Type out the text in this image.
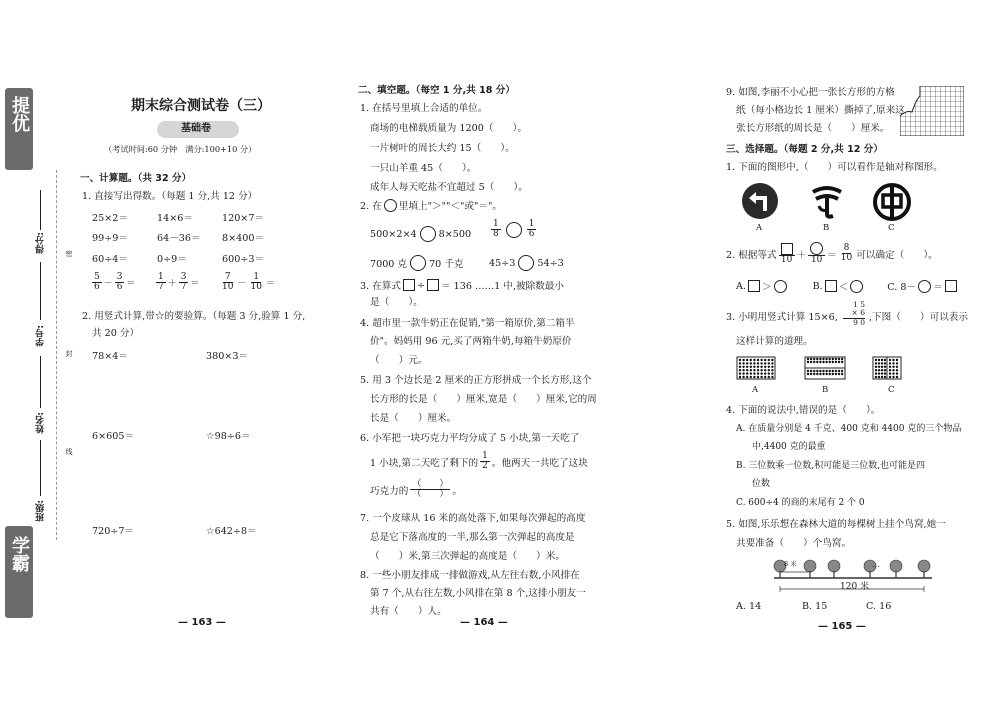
提优
学霸
得分:
学号:
姓名:
班级:
密
封
线
期末综合测试卷（三）
基础卷
（考试时间:60 分钟　满分:100+10 分）
一、计算题。（共 32 分）
1. 直接写出得数。（每题 1 分,共 12 分）
25×2＝	14×6＝	120×7＝
99÷9＝	64－36＝ 8×400＝
60÷4＝	0÷9＝	600÷3＝
$\frac{5}{6} - \frac{3}{6} = \frac{1}{7} + \frac{3}{7} = \frac{7}{10} - \frac{1}{10}$ ＝
2. 用竖式计算,带☆的要验算。（每题 3 分,验算 1 分,
共 20 分）
78×4＝	380×3＝
6×605＝	☆98÷6＝
720÷7＝	☆642÷8＝
— 163 —
二、填空题。（每空 1 分,共 18 分）
1. 在括号里填上合适的单位。
商场的电梯载质量为 1200（　　）。
一片树叶的周长大约 15（　　）。
一只山羊重 45（　　）。
成年人每天吃盐不宜超过 5（　　）。
2. 在 里填上"＞""＜"或"＝"。
500×2×4 $8\times 500 \frac{1}{8}$	$\frac{1}{6}$
7000 克 70 千克	45÷3 54÷3
3. 在算式 ÷ ＝ 136 ……1 中,被除数最小
是（　　）。
4. 超市里一款牛奶正在促销,"第一箱原价,第二箱半
价"。妈妈用 96 元,买了两箱牛奶,每箱牛奶原价
（　　）元。
5. 用 3 个边长是 2 厘米的正方形拼成一个长方形,这个
长方形的长是（　　）厘米,宽是（　　）厘米,它的周
长是（　　）厘米。
6. 小军把一块巧克力平均分成了 5 小块,第一天吃了
1 小块,第二天吃了剩下的 $\frac{1}{2}$ 。他两天一共吃了这块
巧克力的 $\frac{( )}{( )}$ 。
7. 一个皮球从 16 米的高处落下,如果每次弹起的高度
总是它下落高度的一半,那么第一次弹起的高度是
（　　）米,第三次弹起的高度是（　　）米。
8. 一些小朋友排成一排做游戏,从左往右数,小风排在
第 7 个,从右往左数,小风排在第 8 个,这排小朋友一
共有（　　）人。
— 164 —
9. 如图,李丽不小心把一张长方形的方格
纸（每小格边长 1 厘米）撕掉了,原来这
张长方形纸的周长是（　　）厘米。
三、选择题。（每题 2 分,共 12 分）
1. 下面的图形中,（　　）可以看作是轴对称图形。
A	B	C
2. 根据等式 $10 + 10 = \frac{8}{10}$ 可以确定（　　）。
A. ＞	B. ＜	C. 8－ ＝
3. 小明用竖式计算 15×6,
1 5
× 6
9 0 ,下图（　　）可以表示
这样计算的道理。
A	B	C
4. 下面的说法中,错误的是（　　）。
A. 在质量分别是 4 千克、400 克和 4400 克的三个物品
中,4400 克的最重
B. 三位数乘一位数,积可能是三位数,也可能是四
位数
C. 600÷4 的商的末尾有 2 个 0
5. 如图,乐乐想在森林大道的每棵树上挂个鸟窝,她一
共要准备（　　）个鸟窝。
8 米	…
120 米
A. 14	B. 15	C. 16
— 165 —
